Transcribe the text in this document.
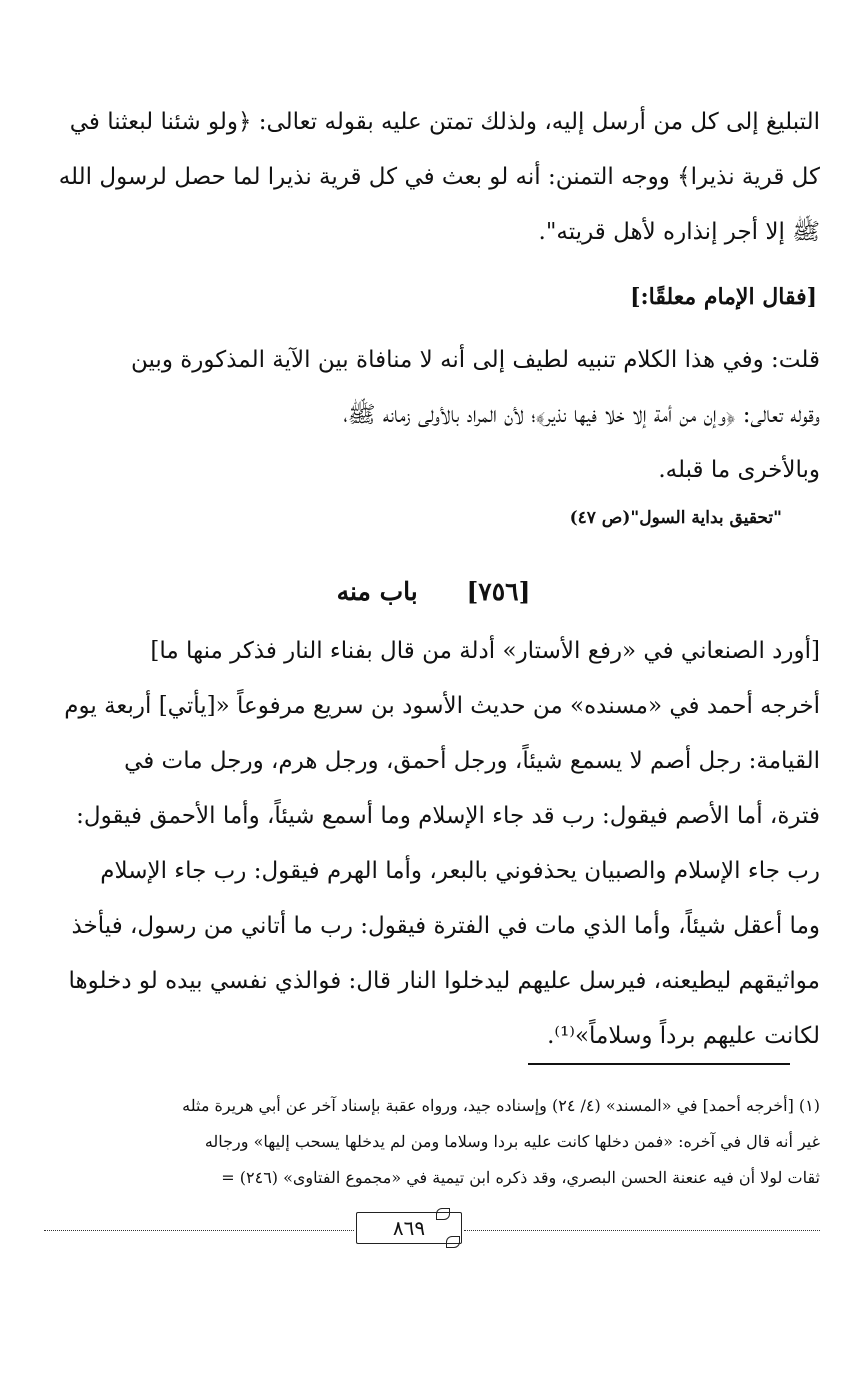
التبليغ إلى كل من أرسل إليه، ولذلك تمتن عليه بقوله تعالى: ﴿ولو شئنا لبعثنا في
كل قرية نذيرا﴾ ووجه التمنن: أنه لو بعث في كل قرية نذيرا لما حصل لرسول الله
ﷺ إلا أجر إنذاره لأهل قريته".
[فقال الإمام معلقًا:]
قلت: وفي هذا الكلام تنبيه لطيف إلى أنه لا منافاة بين الآية المذكورة وبين
وقوله تعالى: ﴿وإن من أمة إلا خلا فيها نذير﴾؛ لأن المراد بالأولى زمانه ﷺ،
وبالأخرى ما قبله.
"تحقيق بداية السول"(ص ٤٧)
[٧٥٦] باب منه
[أورد الصنعاني في «رفع الأستار» أدلة من قال بفناء النار فذكر منها ما]
أخرجه أحمد في «مسنده» من حديث الأسود بن سريع مرفوعاً «[يأتي] أربعة يوم
القيامة: رجل أصم لا يسمع شيئاً، ورجل أحمق، ورجل هرم، ورجل مات في
فترة، أما الأصم فيقول: رب قد جاء الإسلام وما أسمع شيئاً، وأما الأحمق فيقول:
رب جاء الإسلام والصبيان يحذفوني بالبعر، وأما الهرم فيقول: رب جاء الإسلام
وما أعقل شيئاً، وأما الذي مات في الفترة فيقول: رب ما أتاني من رسول، فيأخذ
مواثيقهم ليطيعنه، فيرسل عليهم ليدخلوا النار قال: فوالذي نفسي بيده لو دخلوها
لكانت عليهم برداً وسلاماً»⁽¹⁾.
(١) [أخرجه أحمد] في «المسند» (٤/ ٢٤) وإسناده جيد، ورواه عقبة بإسناد آخر عن أبي هريرة مثله
غير أنه قال في آخره: «فمن دخلها كانت عليه بردا وسلاما ومن لم يدخلها يسحب إليها» ورجاله
ثقات لولا أن فيه عنعنة الحسن البصري، وقد ذكره ابن تيمية في «مجموع الفتاوى» (٢٤٦) =
٨٦٩
